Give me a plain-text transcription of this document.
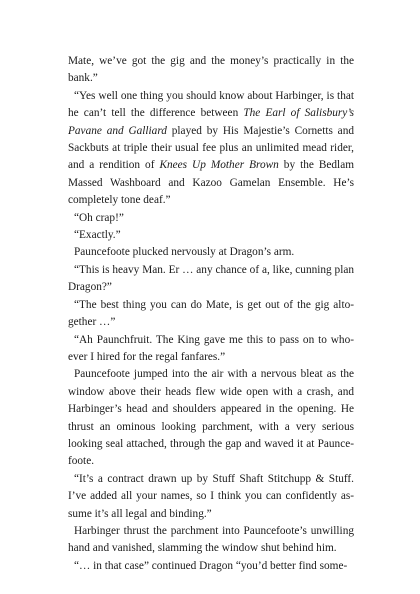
Mate, we’ve got the gig and the money’s practically in the bank.”

“Yes well one thing you should know about Harbinger, is that he can’t tell the difference between The Earl of Salisbury’s Pavane and Galliard played by His Majestie’s Cornetts and Sackbuts at triple their usual fee plus an unlimited mead rider, and a rendition of Knees Up Mother Brown by the Bedlam Massed Washboard and Kazoo Gamelan Ensemble. He’s completely tone deaf.”

“Oh crap!”

“Exactly.”

Pauncefoote plucked nervously at Dragon’s arm.

“This is heavy Man. Er … any chance of a, like, cunning plan Dragon?”

“The best thing you can do Mate, is get out of the gig altogether …”

“Ah Paunchfruit. The King gave me this to pass on to whoever I hired for the regal fanfares.”

Pauncefoote jumped into the air with a nervous bleat as the window above their heads flew wide open with a crash, and Harbinger’s head and shoulders appeared in the opening. He thrust an ominous looking parchment, with a very serious looking seal attached, through the gap and waved it at Pauncefoote.

“It’s a contract drawn up by Stuff Shaft Stitchupp & Stuff. I’ve added all your names, so I think you can confidently assume it’s all legal and binding.”

Harbinger thrust the parchment into Pauncefoote’s unwilling hand and vanished, slamming the window shut behind him.

“… in that case” continued Dragon “you’d better find some-
